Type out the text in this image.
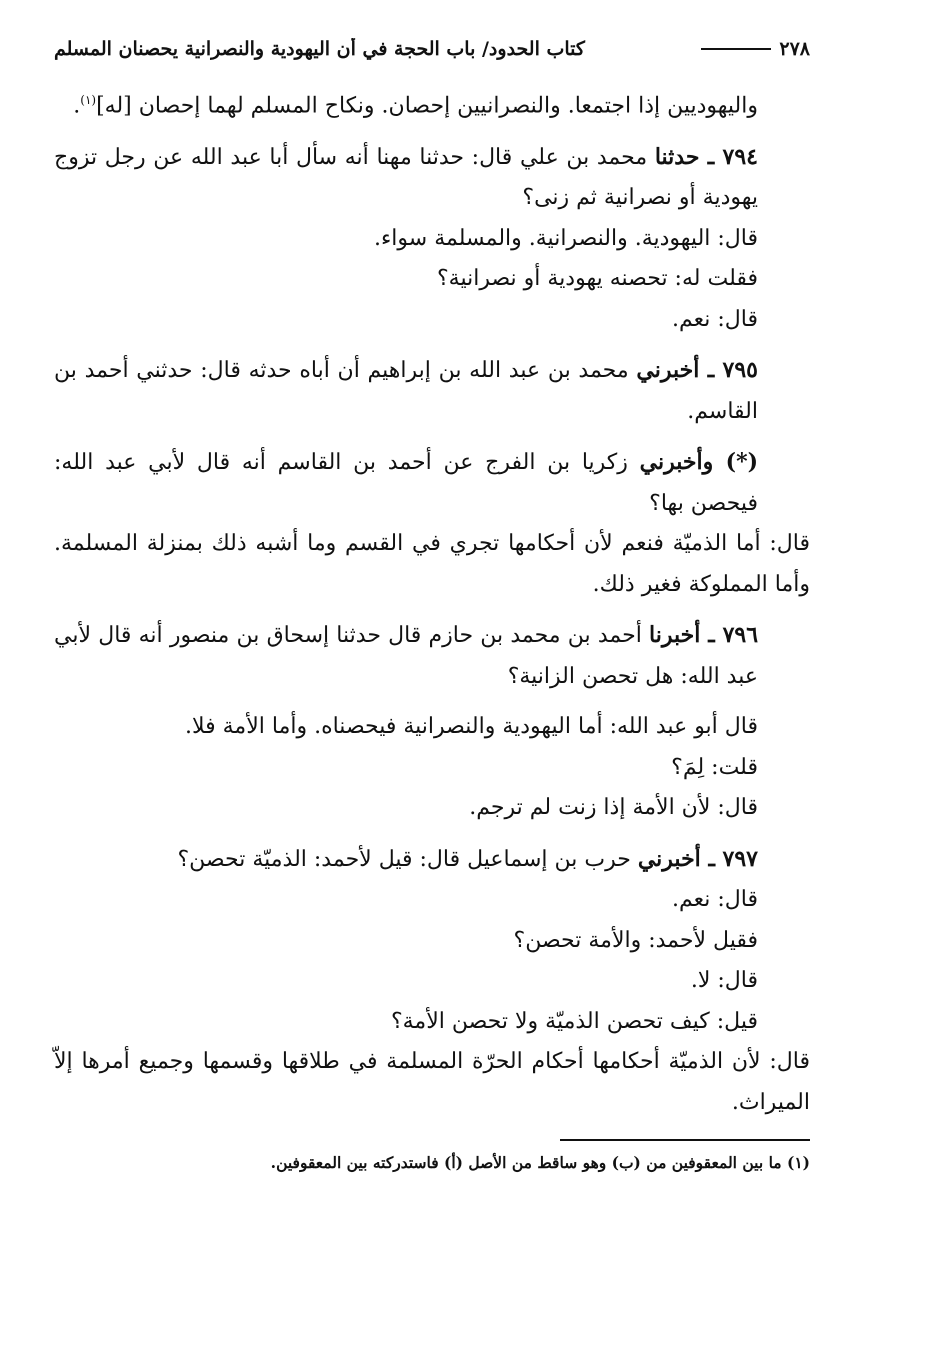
٢٧٨
كتاب الحدود/ باب الحجة في أن اليهودية والنصرانية يحصنان المسلم

واليهوديين إذا اجتمعا. والنصرانيين إحصان. ونكاح المسلم لهما إحصان [له]$^{(١)}$.

٧٩٤ ـ حدثنا محمد بن علي قال: حدثنا مهنا أنه سأل أبا عبد الله عن رجل تزوج يهودية أو نصرانية ثم زنى؟

قال: اليهودية. والنصرانية. والمسلمة سواء.

فقلت له: تحصنه يهودية أو نصرانية؟

قال: نعم.

٧٩٥ ـ أخبرني محمد بن عبد الله بن إبراهيم أن أباه حدثه قال: حدثني أحمد بن القاسم.

(*) وأخبرني زكريا بن الفرج عن أحمد بن القاسم أنه قال لأبي عبد الله: فيحصن بها؟

قال: أما الذميّة فنعم لأن أحكامها تجري في القسم وما أشبه ذلك بمنزلة المسلمة. وأما المملوكة فغير ذلك.

٧٩٦ ـ أخبرنا أحمد بن محمد بن حازم قال حدثنا إسحاق بن منصور أنه قال لأبي عبد الله: هل تحصن الزانية؟

قال أبو عبد الله: أما اليهودية والنصرانية فيحصناه. وأما الأمة فلا.

قلت: لِمَ؟

قال: لأن الأمة إذا زنت لم ترجم.

٧٩٧ ـ أخبرني حرب بن إسماعيل قال: قيل لأحمد: الذميّة تحصن؟

قال: نعم.

فقيل لأحمد: والأمة تحصن؟

قال: لا.

قيل: كيف تحصن الذميّة ولا تحصن الأمة؟

قال: لأن الذميّة أحكامها أحكام الحرّة المسلمة في طلاقها وقسمها وجميع أمرها إلاّ الميراث.

(١) ما بين المعقوفين من (ب) وهو ساقط من الأصل (أ) فاستدركته بين المعقوفين.
